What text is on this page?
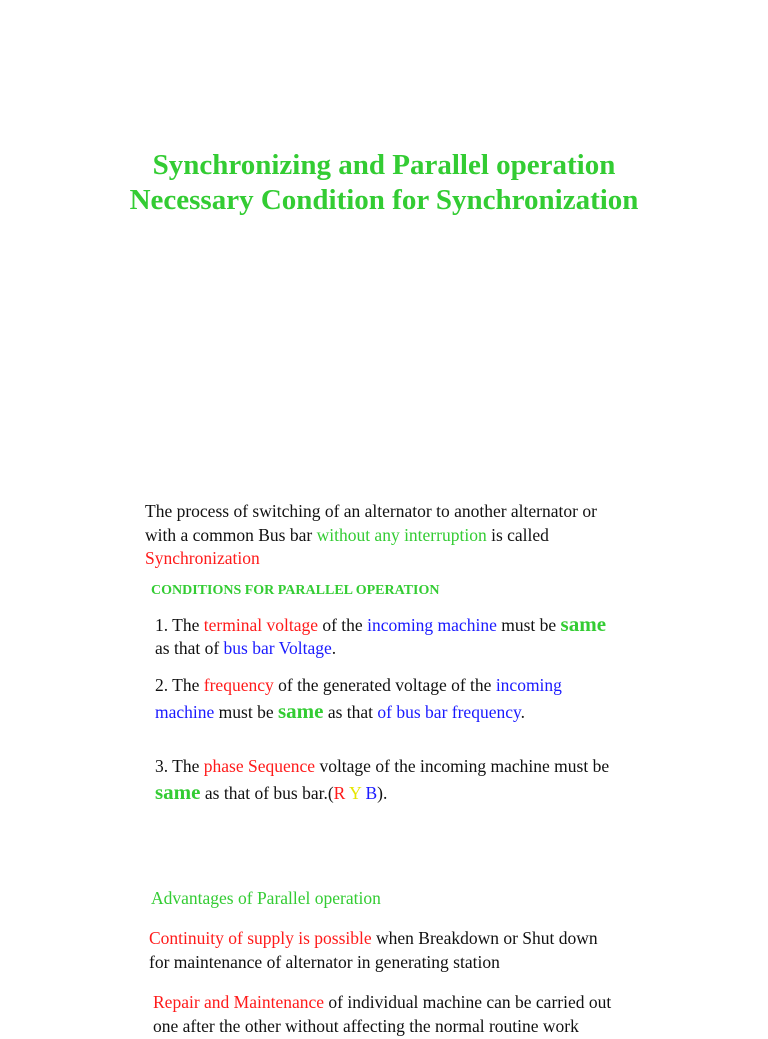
Synchronizing and Parallel operation
Necessary Condition for Synchronization
The process of switching of an alternator to another alternator or
with a common Bus bar without any interruption is called
Synchronization
CONDITIONS FOR PARALLEL OPERATION
1. The terminal voltage of the incoming machine must be same
as that of bus bar Voltage.
2. The frequency of the generated voltage of the incoming
machine must be same as that of bus bar frequency.
3. The phase Sequence voltage of the incoming machine must be
same as that of bus bar.(R Y B).
Advantages of Parallel operation
Continuity of supply is possible when Breakdown or Shut down
for maintenance of alternator in generating station
Repair and Maintenance of individual machine can be carried out
one after the other without affecting the normal routine work
